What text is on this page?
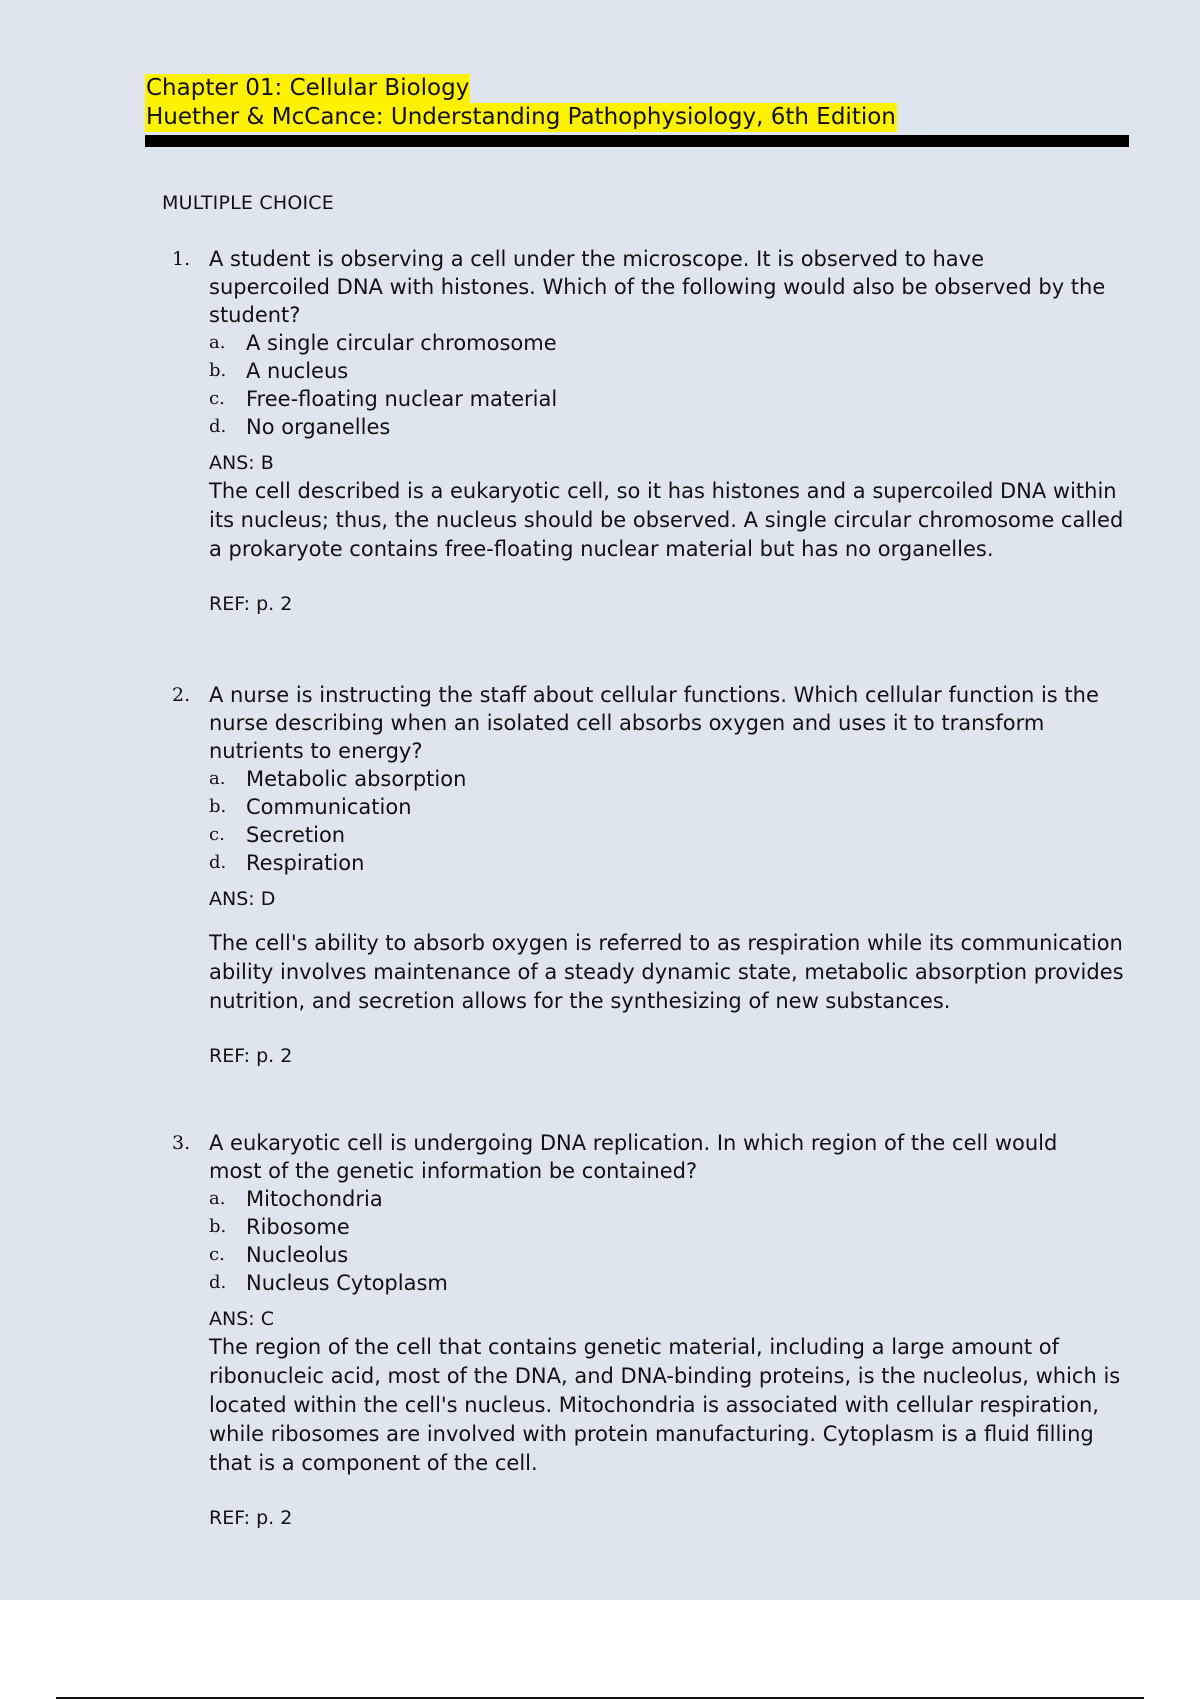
Chapter 01: Cellular Biology
Huether & McCance: Understanding Pathophysiology, 6th Edition
MULTIPLE CHOICE
1. A student is observing a cell under the microscope. It is observed to have supercoiled DNA with histones. Which of the following would also be observed by the student?
a. A single circular chromosome
b. A nucleus
c.	Free-floating nuclear material
d. No organelles
ANS: B
The cell described is a eukaryotic cell, so it has histones and a supercoiled DNA within its nucleus; thus, the nucleus should be observed. A single circular chromosome called a prokaryote contains free-floating nuclear material but has no organelles.
REF: p. 2
2. A nurse is instructing the staff about cellular functions. Which cellular function is the nurse describing when an isolated cell absorbs oxygen and uses it to transform nutrients to energy?
a. Metabolic absorption
b. Communication
c.	Secretion
d. Respiration
ANS: D
The cell's ability to absorb oxygen is referred to as respiration while its communication ability involves maintenance of a steady dynamic state, metabolic absorption provides nutrition, and secretion allows for the synthesizing of new substances.
REF: p. 2
3. A eukaryotic cell is undergoing DNA replication. In which region of the cell would most of the genetic information be contained?
a. Mitochondria
b. Ribosome
c.	Nucleolus
d. Nucleus Cytoplasm
ANS: C
The region of the cell that contains genetic material, including a large amount of ribonucleic acid, most of the DNA, and DNA-binding proteins, is the nucleolus, which is located within the cell's nucleus. Mitochondria is associated with cellular respiration, while ribosomes are involved with protein manufacturing. Cytoplasm is a fluid filling that is a component of the cell.
REF: p. 2
